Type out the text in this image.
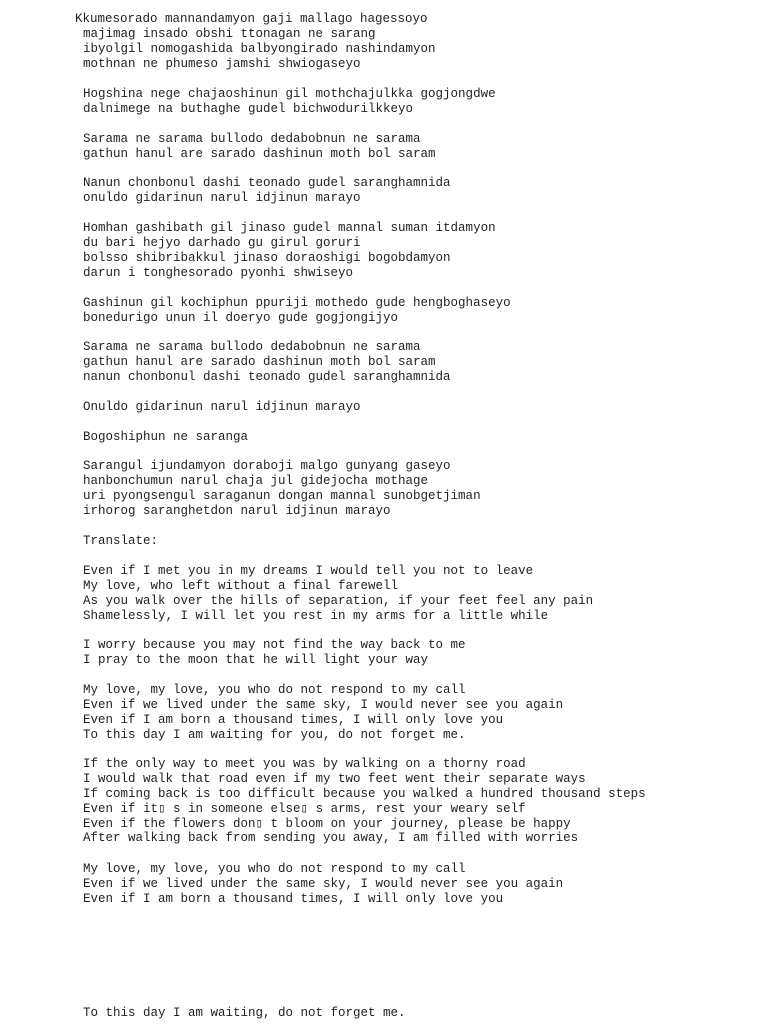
Kkumesorado mannandamyon gaji mallago hagessoyo
majimag insado obshi ttonagan ne sarang
ibyolgil nomogashida balbyongirado nashindamyon
mothnan ne phumeso jamshi shwiogaseyo
Hogshina nege chajaoshinun gil mothchajulkka gogjongdwe
dalnimege na buthaghe gudel bichwodurilkkeyo
Sarama ne sarama bullodo dedabobnun ne sarama
gathun hanul are sarado dashinun moth bol saram
Nanun chonbonul dashi teonado gudel saranghamnida
onuldo gidarinun narul idjinun marayo
Homhan gashibath gil jinaso gudel mannal suman itdamyon
du bari hejyo darhado gu girul goruri
bolsso shibribakkul jinaso doraoshigi bogobdamyon
darun i tonghesorado pyonhi shwiseyo
Gashinun gil kochiphun ppuriji mothedo gude hengboghaseyo
bonedurigo unun il doeryo gude gogjongijyo
Sarama ne sarama bullodo dedabobnun ne sarama
gathun hanul are sarado dashinun moth bol saram
nanun chonbonul dashi teonado gudel saranghamnida
Onuldo gidarinun narul idjinun marayo
Bogoshiphun ne saranga
Sarangul ijundamyon doraboji malgo gunyang gaseyo
hanbonchumun narul chaja jul gidejocha mothage
uri pyongsengul saraganun dongan mannal sunobgetjiman
irhorog saranghetdon narul idjinun marayo
Translate:
Even if I met you in my dreams I would tell you not to leave
My love, who left without a final farewell
As you walk over the hills of separation, if your feet feel any pain
Shamelessly, I will let you rest in my arms for a little while
I worry because you may not find the way back to me
I pray to the moon that he will light your way
My love, my love, you who do not respond to my call
Even if we lived under the same sky, I would never see you again
Even if I am born a thousand times, I will only love you
To this day I am waiting for you, do not forget me.
If the only way to meet you was by walking on a thorny road
I would walk that road even if my two feet went their separate ways
If coming back is too difficult because you walked a hundred thousand steps
Even if it▯ s in someone else▯ s arms, rest your weary self
Even if the flowers don▯ t bloom on your journey, please be happy
After walking back from sending you away, I am filled with worries
My love, my love, you who do not respond to my call
Even if we lived under the same sky, I would never see you again
Even if I am born a thousand times, I will only love you
To this day I am waiting, do not forget me.
